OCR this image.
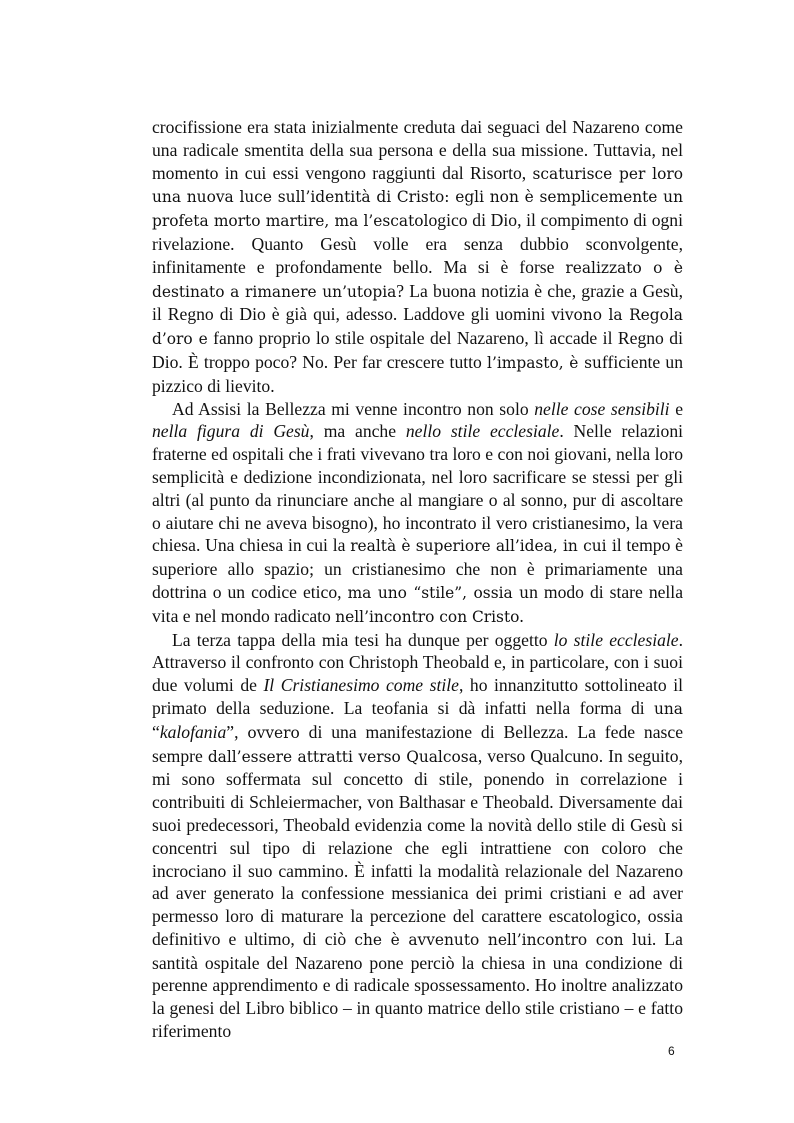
crocifissione era stata inizialmente creduta dai seguaci del Nazareno come una radicale smentita della sua persona e della sua missione. Tuttavia, nel momento in cui essi vengono raggiunti dal Risorto, scaturisce per loro una nuova luce sull’identità di Cristo: egli non è semplicemente un profeta morto martire, ma l’escatologico di Dio, il compimento di ogni rivelazione. Quanto Gesù volle era senza dubbio sconvolgente, infinitamente e profondamente bello. Ma si è forse realizzato o è destinato a rimanere un’utopia? La buona notizia è che, grazie a Gesù, il Regno di Dio è già qui, adesso. Laddove gli uomini vivono la Regola d’oro e fanno proprio lo stile ospitale del Nazareno, lì accade il Regno di Dio. È troppo poco? No. Per far crescere tutto l’impasto, è sufficiente un pizzico di lievito.

Ad Assisi la Bellezza mi venne incontro non solo nelle cose sensibili e nella figura di Gesù, ma anche nello stile ecclesiale. Nelle relazioni fraterne ed ospitali che i frati vivevano tra loro e con noi giovani, nella loro semplicità e dedizione incondizionata, nel loro sacrificare se stessi per gli altri (al punto da rinunciare anche al mangiare o al sonno, pur di ascoltare o aiutare chi ne aveva bisogno), ho incontrato il vero cristianesimo, la vera chiesa. Una chiesa in cui la realtà è superiore all’idea, in cui il tempo è superiore allo spazio; un cristianesimo che non è primariamente una dottrina o un codice etico, ma uno “stile”, ossia un modo di stare nella vita e nel mondo radicato nell’incontro con Cristo.

La terza tappa della mia tesi ha dunque per oggetto lo stile ecclesiale. Attraverso il confronto con Christoph Theobald e, in particolare, con i suoi due volumi de Il Cristianesimo come stile, ho innanzitutto sottolineato il primato della seduzione. La teofania si dà infatti nella forma di una “kalofania”, ovvero di una manifestazione di Bellezza. La fede nasce sempre dall’essere attratti verso Qualcosa, verso Qualcuno. In seguito, mi sono soffermata sul concetto di stile, ponendo in correlazione i contribuiti di Schleiermacher, von Balthasar e Theobald. Diversamente dai suoi predecessori, Theobald evidenzia come la novità dello stile di Gesù si concentri sul tipo di relazione che egli intrattiene con coloro che incrociano il suo cammino. È infatti la modalità relazionale del Nazareno ad aver generato la confessione messianica dei primi cristiani e ad aver permesso loro di maturare la percezione del carattere escatologico, ossia definitivo e ultimo, di ciò che è avvenuto nell’incontro con lui. La santità ospitale del Nazareno pone perciò la chiesa in una condizione di perenne apprendimento e di radicale spossessamento. Ho inoltre analizzato la genesi del Libro biblico – in quanto matrice dello stile cristiano – e fatto riferimento

6
